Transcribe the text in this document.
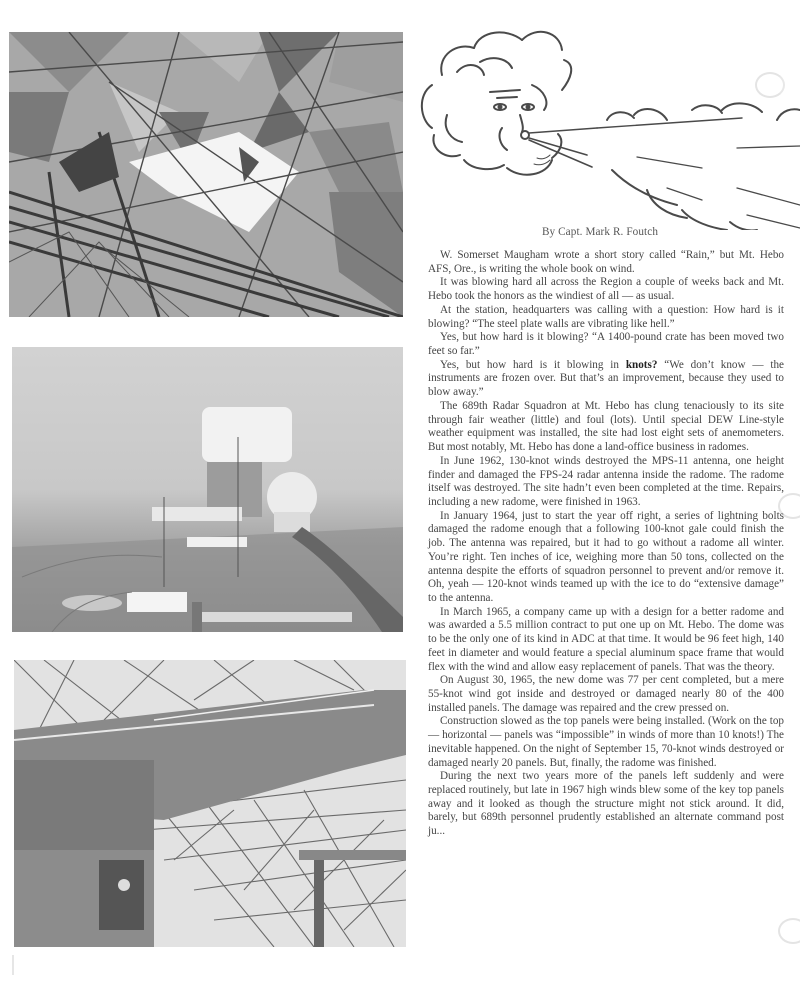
By Capt. Mark R. Foutch

W. Somerset Maugham wrote a short story called “Rain,” but Mt. Hebo AFS, Ore., is writing the whole book on wind.

It was blowing hard all across the Region a couple of weeks back and Mt. Hebo took the honors as the windiest of all — as usual.

At the station, headquarters was calling with a question: How hard is it blowing? “The steel plate walls are vibrating like hell.”

Yes, but how hard is it blowing? “A 1400-pound crate has been moved two feet so far.”

Yes, but how hard is it blowing in knots? “We don’t know — the instruments are frozen over. But that’s an improvement, because they used to blow away.”

The 689th Radar Squadron at Mt. Hebo has clung tenaciously to its site through fair weather (little) and foul (lots). Until special DEW Line-style weather equipment was installed, the site had lost eight sets of anemometers. But most notably, Mt. Hebo has done a land-office business in radomes.

In June 1962, 130-knot winds destroyed the MPS-11 antenna, one height finder and damaged the FPS-24 radar antenna inside the radome. The radome itself was destroyed. The site hadn’t even been completed at the time. Repairs, including a new radome, were finished in 1963.

In January 1964, just to start the year off right, a series of lightning bolts damaged the radome enough that a following 100-knot gale could finish the job. The antenna was repaired, but it had to go without a radome all winter. You’re right. Ten inches of ice, weighing more than 50 tons, collected on the antenna despite the efforts of squadron personnel to prevent and/or remove it. Oh, yeah — 120-knot winds teamed up with the ice to do “extensive damage” to the antenna.

In March 1965, a company came up with a design for a better radome and was awarded a 5.5 million contract to put one up on Mt. Hebo. The dome was to be the only one of its kind in ADC at that time. It would be 96 feet high, 140 feet in diameter and would feature a special aluminum space frame that would flex with the wind and allow easy replacement of panels. That was the theory.

On August 30, 1965, the new dome was 77 per cent completed, but a mere 55-knot wind got inside and destroyed or damaged nearly 80 of the 400 installed panels. The damage was repaired and the crew pressed on.

Construction slowed as the top panels were being installed. (Work on the top — horizontal — panels was “impossible” in winds of more than 10 knots!) The inevitable happened. On the night of September 15, 70-knot winds destroyed or damaged nearly 20 panels. But, finally, the radome was finished.

During the next two years more of the panels left suddenly and were replaced routinely, but late in 1967 high winds blew some of the key top panels away and it looked as though the structure might not stick around. It did, barely, but 689th personnel prudently established an alternate command post ju...
